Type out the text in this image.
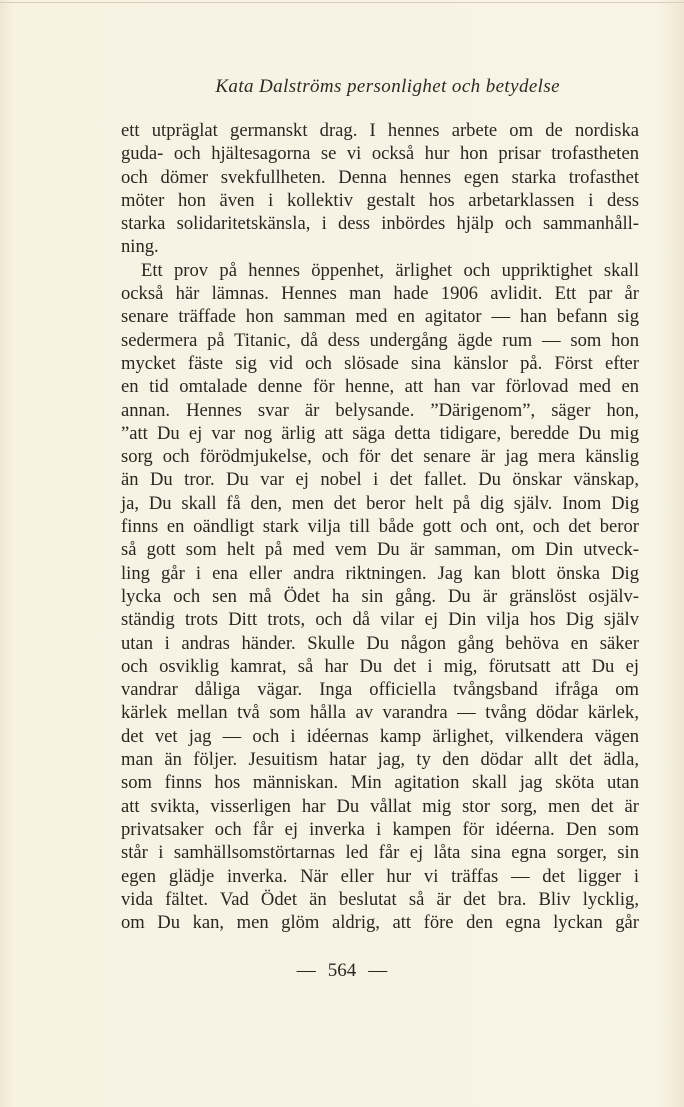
Kata Dalströms personlighet och betydelse
ett utpräglat germanskt drag. I hennes arbete om de nordiska
guda- och hjältesagorna se vi också hur hon prisar trofastheten
och dömer svekfullheten. Denna hennes egen starka trofasthet
möter hon även i kollektiv gestalt hos arbetarklassen i dess
starka solidaritetskänsla, i dess inbördes hjälp och sammanhåll-
ning.
Ett prov på hennes öppenhet, ärlighet och uppriktighet skall
också här lämnas. Hennes man hade 1906 avlidit. Ett par år
senare träffade hon samman med en agitator — han befann sig
sedermera på Titanic, då dess undergång ägde rum — som hon
mycket fäste sig vid och slösade sina känslor på. Först efter
en tid omtalade denne för henne, att han var förlovad med en
annan. Hennes svar är belysande. ”Därigenom”, säger hon,
”att Du ej var nog ärlig att säga detta tidigare, beredde Du mig
sorg och förödmjukelse, och för det senare är jag mera känslig
än Du tror. Du var ej nobel i det fallet. Du önskar vänskap,
ja, Du skall få den, men det beror helt på dig själv. Inom Dig
finns en oändligt stark vilja till både gott och ont, och det beror
så gott som helt på med vem Du är samman, om Din utveck-
ling går i ena eller andra riktningen. Jag kan blott önska Dig
lycka och sen må Ödet ha sin gång. Du är gränslöst osjälv-
ständig trots Ditt trots, och då vilar ej Din vilja hos Dig själv
utan i andras händer. Skulle Du någon gång behöva en säker
och osviklig kamrat, så har Du det i mig, förutsatt att Du ej
vandrar dåliga vägar. Inga officiella tvångsband ifråga om
kärlek mellan två som hålla av varandra — tvång dödar kärlek,
det vet jag — och i idéernas kamp ärlighet, vilkendera vägen
man än följer. Jesuitism hatar jag, ty den dödar allt det ädla,
som finns hos människan. Min agitation skall jag sköta utan
att svikta, visserligen har Du vållat mig stor sorg, men det är
privatsaker och får ej inverka i kampen för idéerna. Den som
står i samhällsomstörtarnas led får ej låta sina egna sorger, sin
egen glädje inverka. När eller hur vi träffas — det ligger i
vida fältet. Vad Ödet än beslutat så är det bra. Bliv lycklig,
om Du kan, men glöm aldrig, att före den egna lyckan går
— 564 —
